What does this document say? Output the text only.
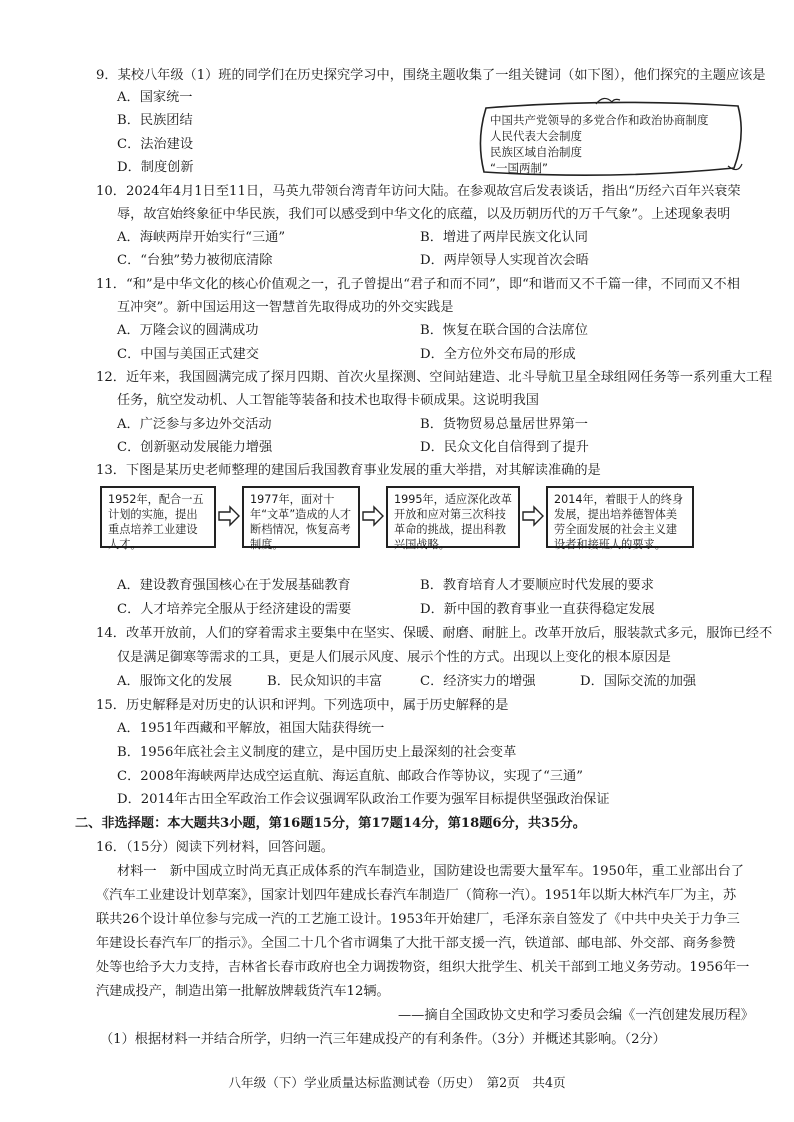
9．某校八年级（1）班的同学们在历史探究学习中，围绕主题收集了一组关键词（如下图），他们探究的主题应该是
A．国家统一
B．民族团结
C．法治建设
D．制度创新
中国共产党领导的多党合作和政治协商制度
人民代表大会制度
民族区域自治制度
“一国两制”
10．2024年4月1日至11日，马英九带领台湾青年访问大陆。在参观故宫后发表谈话，指出“历经六百年兴衰荣
辱，故宫始终象征中华民族，我们可以感受到中华文化的底蕴，以及历朝历代的万千气象”。上述现象表明
A．海峡两岸开始实行“三通”	B．增进了两岸民族文化认同
C．“台独”势力被彻底清除	D．两岸领导人实现首次会晤
11．“和”是中华文化的核心价值观之一，孔子曾提出“君子和而不同”，即“和谐而又不千篇一律，不同而又不相
互冲突”。新中国运用这一智慧首先取得成功的外交实践是
A．万隆会议的圆满成功	B．恢复在联合国的合法席位
C．中国与美国正式建交	D．全方位外交布局的形成
12．近年来，我国圆满完成了探月四期、首次火星探测、空间站建造、北斗导航卫星全球组网任务等一系列重大工程
任务，航空发动机、人工智能等装备和技术也取得卡硕成果。这说明我国
A．广泛参与多边外交活动	B．货物贸易总量居世界第一
C．创新驱动发展能力增强	D．民众文化自信得到了提升
13．下图是某历史老师整理的建国后我国教育事业发展的重大举措，对其解读准确的是
1952年，配合一五计划的实施，提出重点培养工业建设人才。
1977年，面对十年“文革”造成的人才断档情况，恢复高考制度。
1995年，适应深化改革开放和应对第三次科技革命的挑战，提出科教兴国战略。
2014年，着眼于人的终身发展，提出培养德智体美劳全面发展的社会主义建设者和接班人的要求。
A．建设教育强国核心在于发展基础教育	B．教育培育人才要顺应时代发展的要求
C．人才培养完全服从于经济建设的需要	D．新中国的教育事业一直获得稳定发展
14．改革开放前，人们的穿着需求主要集中在坚实、保暖、耐磨、耐脏上。改革开放后，服装款式多元，服饰已经不
仅是满足御寒等需求的工具，更是人们展示风度、展示个性的方式。出现以上变化的根本原因是
A．服饰文化的发展	B．民众知识的丰富	C．经济实力的增强	D．国际交流的加强
15．历史解释是对历史的认识和评判。下列选项中，属于历史解释的是
A．1951年西藏和平解放，祖国大陆获得统一
B．1956年底社会主义制度的建立，是中国历史上最深刻的社会变革
C．2008年海峡两岸达成空运直航、海运直航、邮政合作等协议，实现了“三通”
D．2014年古田全军政治工作会议强调军队政治工作要为强军目标提供坚强政治保证
二、非选择题：本大题共3小题，第16题15分，第17题14分，第18题6分，共35分。
16．（15分）阅读下列材料，回答问题。
材料一　新中国成立时尚无真正成体系的汽车制造业，国防建设也需要大量军车。1950年，重工业部出台了
《汽车工业建设计划草案》，国家计划四年建成长春汽车制造厂（简称一汽）。1951年以斯大林汽车厂为主，苏
联共26个设计单位参与完成一汽的工艺施工设计。1953年开始建厂，毛泽东亲自签发了《中共中央关于力争三
年建设长春汽车厂的指示》。全国二十几个省市调集了大批干部支援一汽，铁道部、邮电部、外交部、商务参赞
处等也给予大力支持，吉林省长春市政府也全力调拨物资，组织大批学生、机关干部到工地义务劳动。1956年一
汽建成投产，制造出第一批解放牌载货汽车12辆。
——摘自全国政协文史和学习委员会编《一汽创建发展历程》
（1）根据材料一并结合所学，归纳一汽三年建成投产的有利条件。（3分）并概述其影响。（2分）
八年级（下）学业质量达标监测试卷（历史）　第2页　共4页
